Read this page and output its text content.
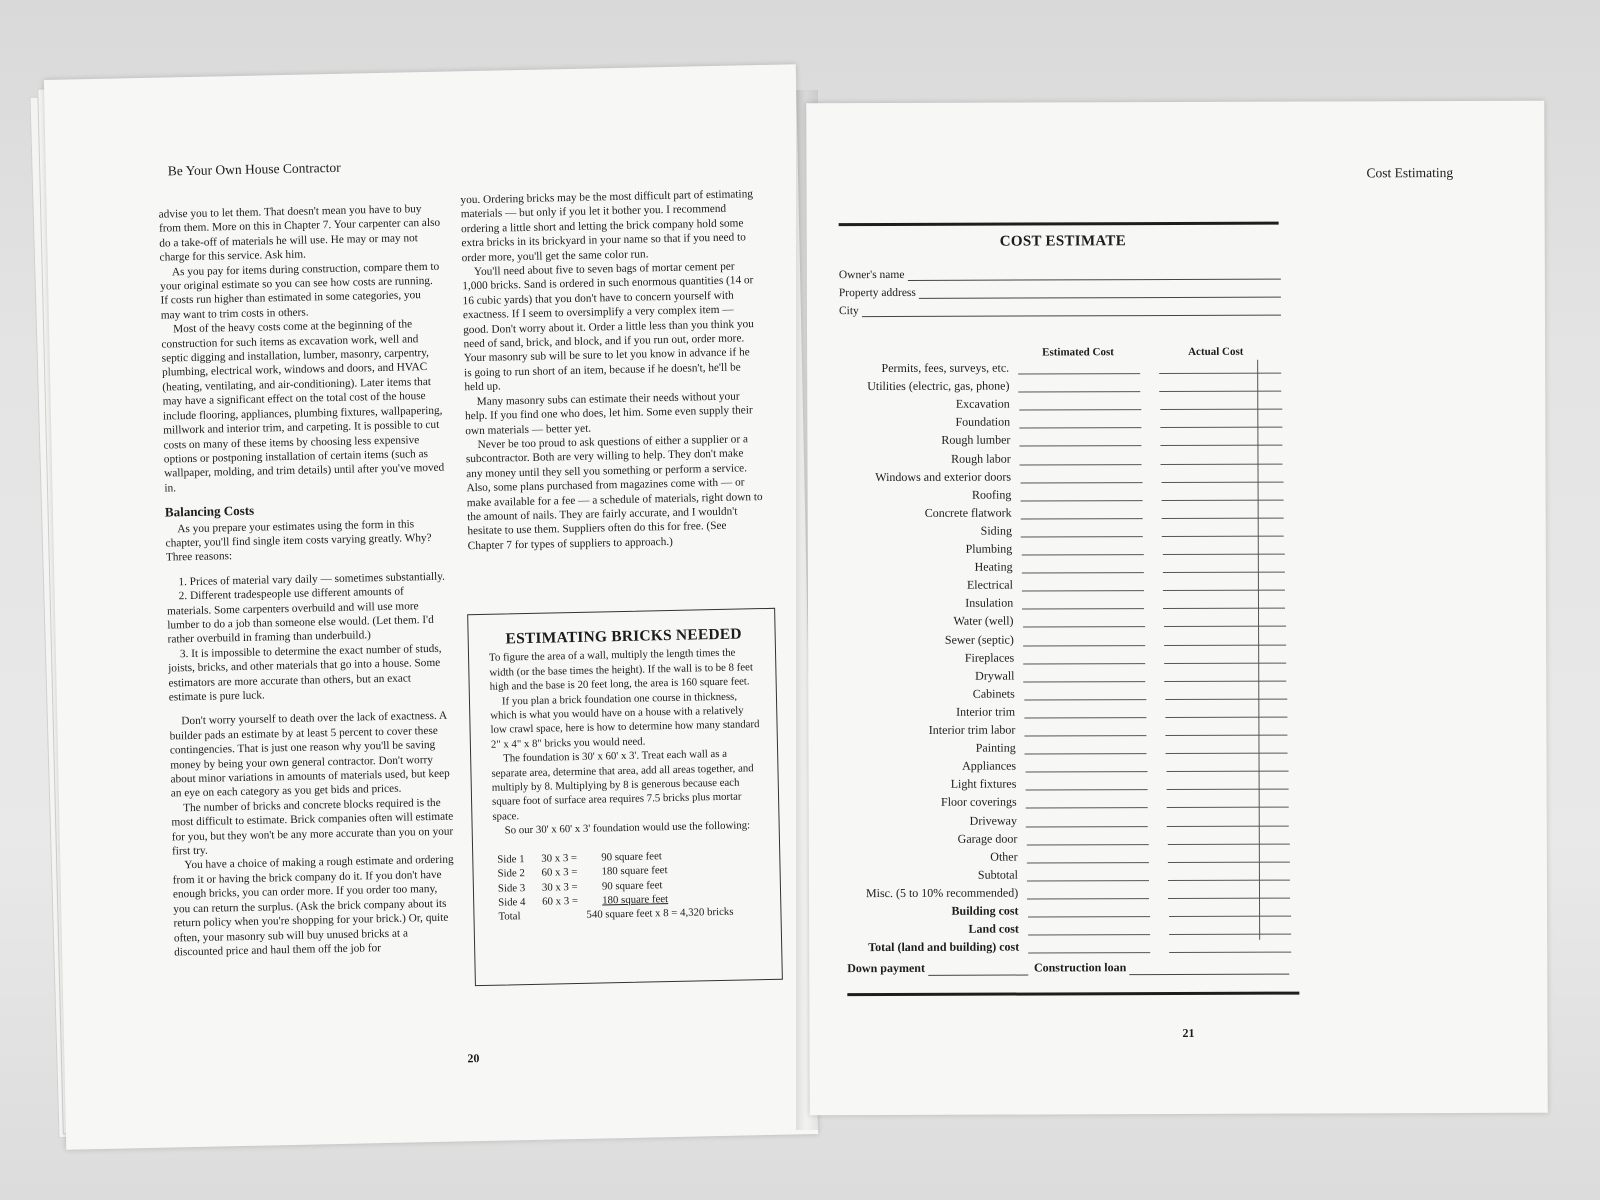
Be Your Own House Contractor

advise you to let them. That doesn't mean you have to buy from them. More on this in Chapter 7. Your carpenter can also do a take-off of materials he will use. He may or may not charge for this service. Ask him.

As you pay for items during construction, compare them to your original estimate so you can see how costs are running. If costs run higher than estimated in some categories, you may want to trim costs in others.

Most of the heavy costs come at the beginning of the construction for such items as excavation work, well and septic digging and installation, lumber, masonry, carpentry, plumbing, electrical work, windows and doors, and HVAC (heating, ventilating, and air-conditioning). Later items that may have a significant effect on the total cost of the house include flooring, appliances, plumbing fixtures, wallpapering, millwork and interior trim, and carpeting. It is possible to cut costs on many of these items by choosing less expensive options or postponing installation of certain items (such as wallpaper, molding, and trim details) until after you've moved in.

Balancing Costs

As you prepare your estimates using the form in this chapter, you'll find single item costs varying greatly. Why? Three reasons:

1. Prices of material vary daily — sometimes substantially.
2. Different tradespeople use different amounts of materials. Some carpenters overbuild and will use more lumber to do a job than someone else would. (Let them. I'd rather overbuild in framing than underbuild.)
3. It is impossible to determine the exact number of studs, joists, bricks, and other materials that go into a house. Some estimators are more accurate than others, but an exact estimate is pure luck.

Don't worry yourself to death over the lack of exactness. A builder pads an estimate by at least 5 percent to cover these contingencies. That is just one reason why you'll be saving money by being your own general contractor. Don't worry about minor variations in amounts of materials used, but keep an eye on each category as you get bids and prices.

The number of bricks and concrete blocks required is the most difficult to estimate. Brick companies often will estimate for you, but they won't be any more accurate than you on your first try.

You have a choice of making a rough estimate and ordering from it or having the brick company do it. If you don't have enough bricks, you can order more. If you order too many, you can return the surplus. (Ask the brick company about its return policy when you're shopping for your brick.) Or, quite often, your masonry sub will buy unused bricks at a discounted price and haul them off the job for

you. Ordering bricks may be the most difficult part of estimating materials — but only if you let it bother you. I recommend ordering a little short and letting the brick company hold some extra bricks in its brickyard in your name so that if you need to order more, you'll get the same color run.

You'll need about five to seven bags of mortar cement per 1,000 bricks. Sand is ordered in such enormous quantities (14 or 16 cubic yards) that you don't have to concern yourself with exactness. If I seem to oversimplify a very complex item — good. Don't worry about it. Order a little less than you think you need of sand, brick, and block, and if you run out, order more. Your masonry sub will be sure to let you know in advance if he is going to run short of an item, because if he doesn't, he'll be held up.

Many masonry subs can estimate their needs without your help. If you find one who does, let him. Some even supply their own materials — better yet.

Never be too proud to ask questions of either a supplier or a subcontractor. Both are very willing to help. They don't make any money until they sell you something or perform a service. Also, some plans purchased from magazines come with — or make available for a fee — a schedule of materials, right down to the amount of nails. They are fairly accurate, and I wouldn't hesitate to use them. Suppliers often do this for free. (See Chapter 7 for types of suppliers to approach.)

ESTIMATING BRICKS NEEDED

To figure the area of a wall, multiply the length times the width (or the base times the height). If the wall is to be 8 feet high and the base is 20 feet long, the area is 160 square feet.

If you plan a brick foundation one course in thickness, which is what you would have on a house with a relatively low crawl space, here is how to determine how many standard 2" x 4" x 8" bricks you would need.

The foundation is 30' x 60' x 3'. Treat each wall as a separate area, determine that area, add all areas together, and multiply by 8. Multiplying by 8 is generous because each square foot of surface area requires 7.5 bricks plus mortar space.

So our 30' x 60' x 3' foundation would use the following:

Side 1	30 x 3 =	90 square feet
Side 2	60 x 3 =	180 square feet
Side 3	30 x 3 =	90 square feet
Side 4	60 x 3 =	180 square feet
Total	540 square feet x 8 = 4,320 bricks
20
Cost Estimating
COST ESTIMATE
Owner's name
Property address
City
Estimated Cost	Actual Cost
Permits, fees, surveys, etc.
Utilities (electric, gas, phone)
Excavation
Foundation
Rough lumber
Rough labor
Windows and exterior doors
Roofing
Concrete flatwork
Siding
Plumbing
Heating
Electrical
Insulation
Water (well)
Sewer (septic)
Fireplaces
Drywall
Cabinets
Interior trim
Interior trim labor
Painting
Appliances
Light fixtures
Floor coverings
Driveway
Garage door
Other
Subtotal
Misc. (5 to 10% recommended)
Building cost
Land cost
Total (land and building) cost
Down payment	Construction loan
21
